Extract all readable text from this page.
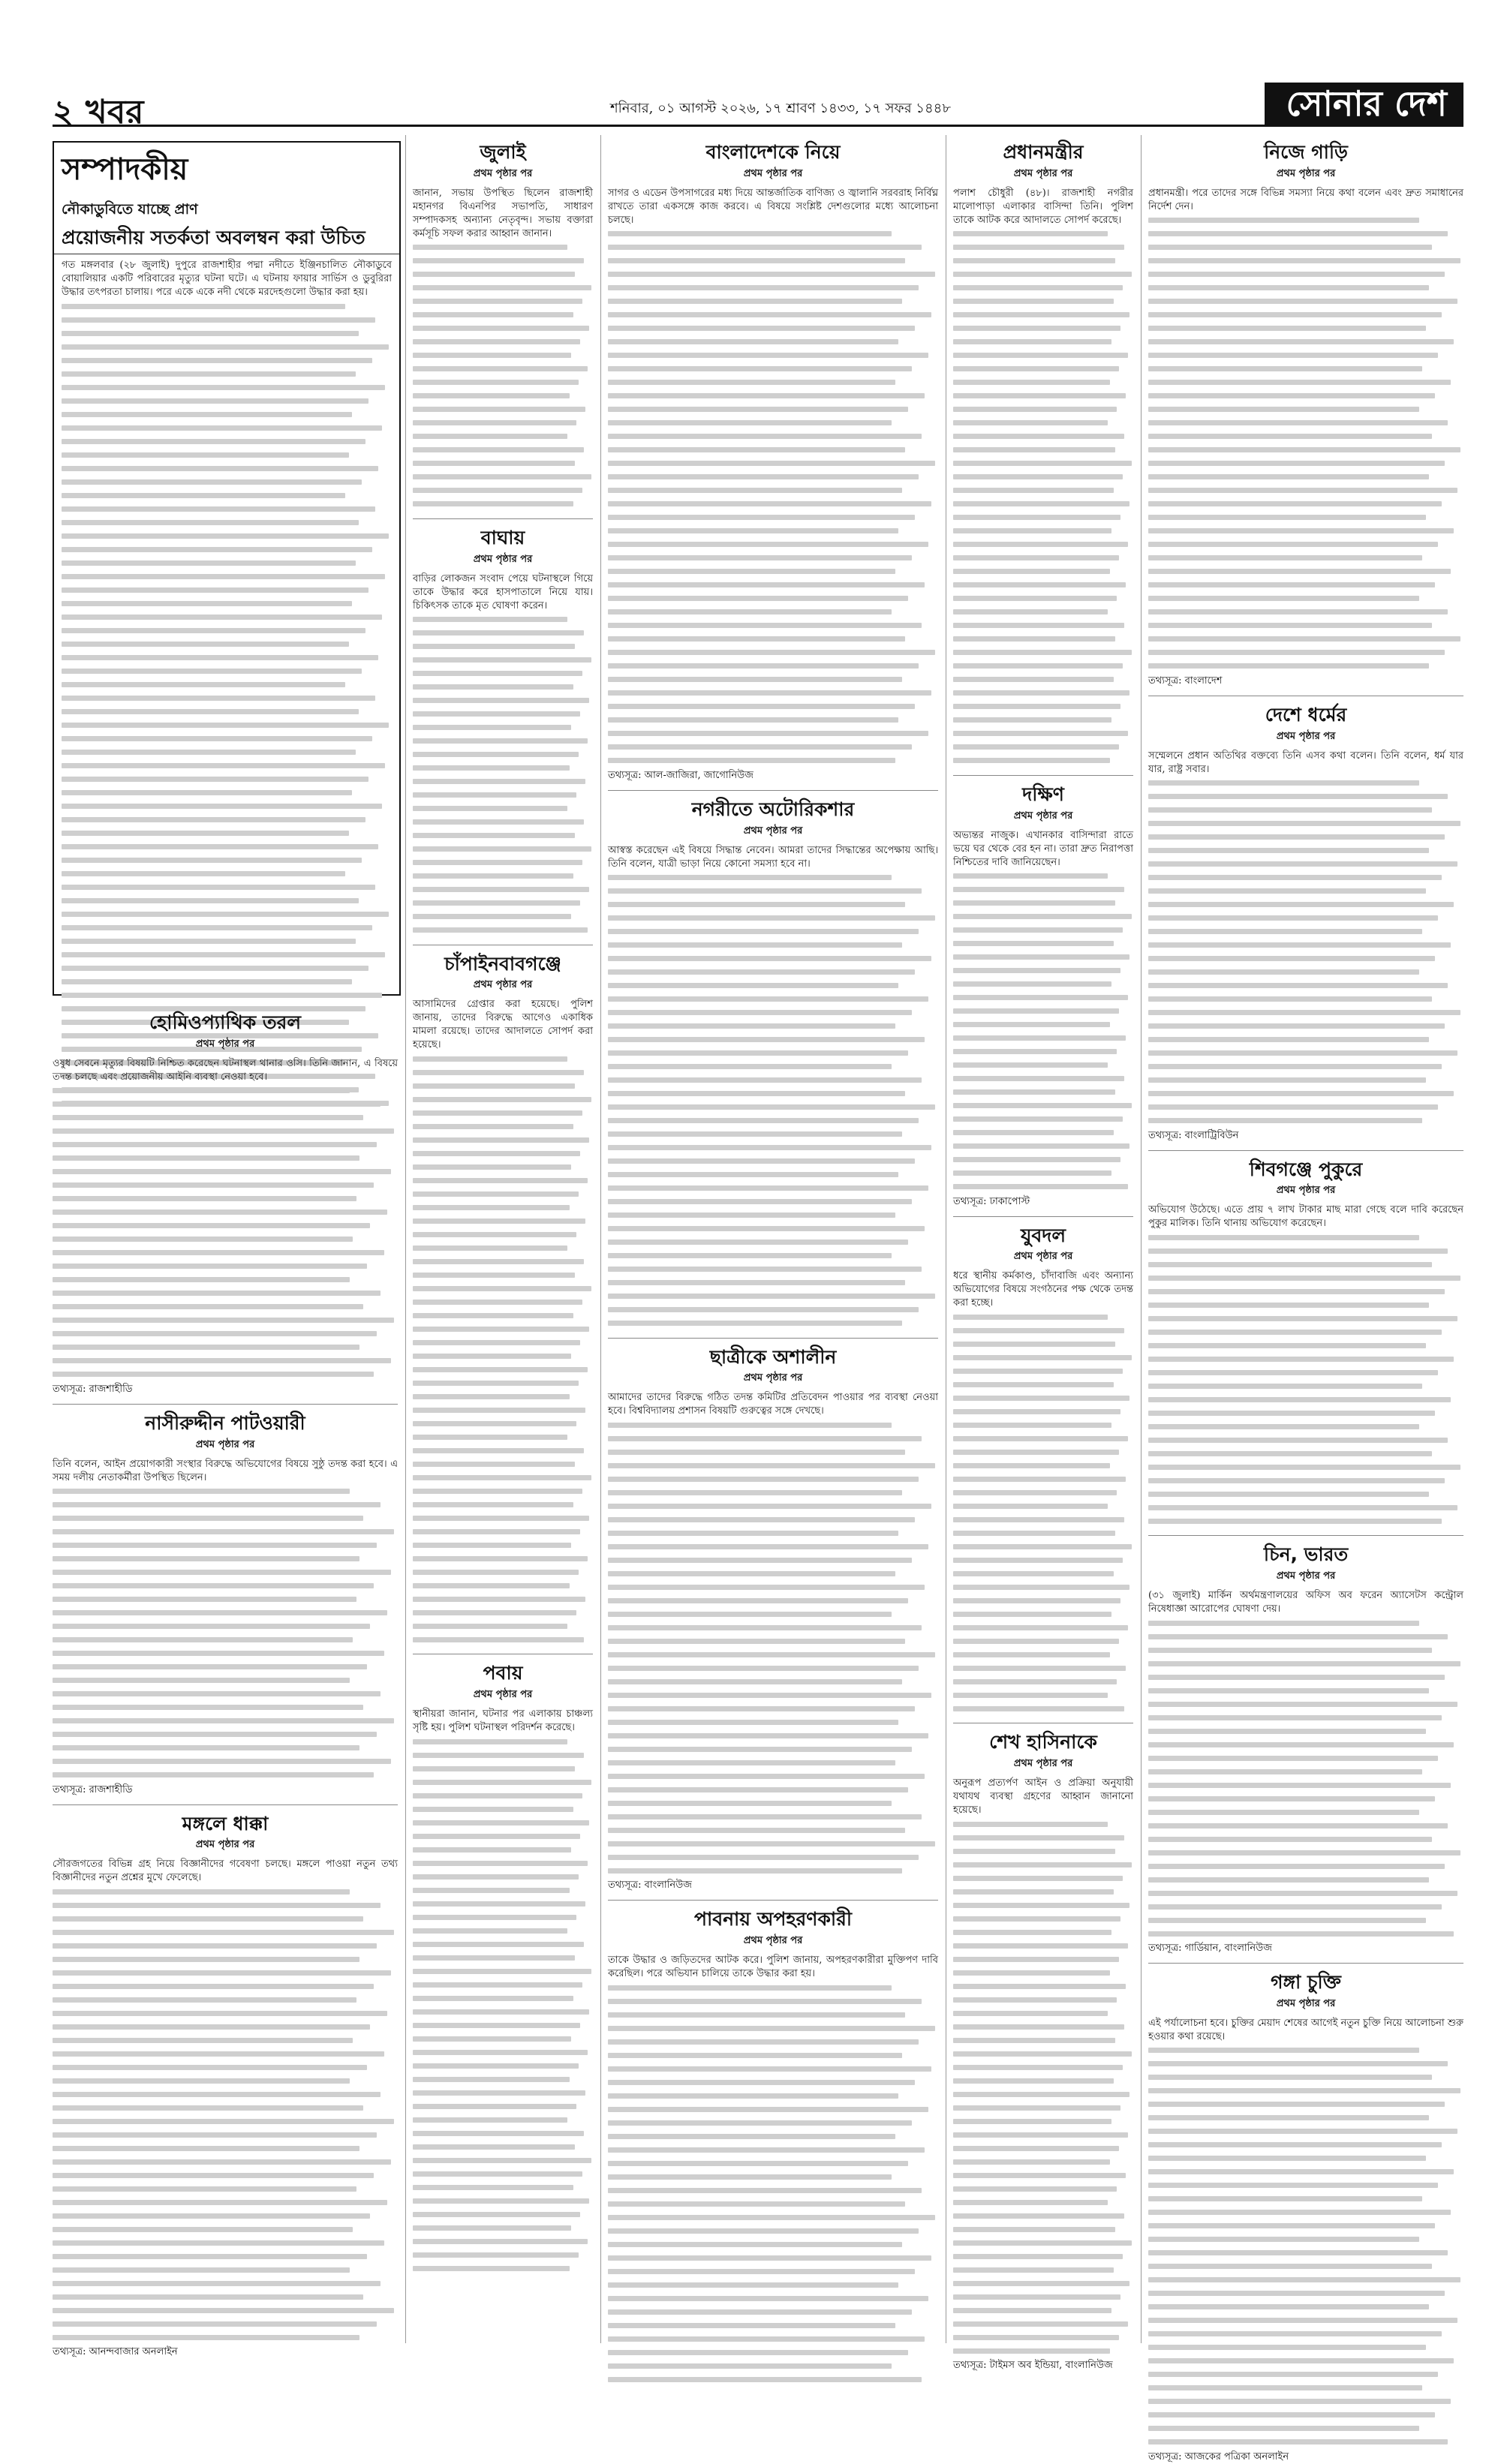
২ খবর	শনিবার, ০১ আগস্ট ২০২৬, ১৭ শ্রাবণ ১৪৩৩, ১৭ সফর ১৪৪৮	সোনার দেশ
সম্পাদকীয়
নৌকাডুবিতে যাচ্ছে প্রাণ
প্রয়োজনীয় সতর্কতা অবলম্বন করা উচিত

গত মঙ্গলবার (২৮ জুলাই) দুপুরে রাজশাহীর পদ্মা নদীতে ইঞ্জিনচালিত নৌকাডুবে বোয়ালিয়ার একটি পরিবারের মৃত্যুর ঘটনা ঘটে। এ ঘটনায় ফায়ার সার্ভিস ও ডুবুরিরা উদ্ধার তৎপরতা চালায়। পরে একে একে নদী থেকে মরদেহগুলো উদ্ধার করা হয়।

হোমিওপ্যাথিক তরল
প্রথম পৃষ্ঠার পর

ওষুধ সেবনে মৃত্যুর বিষয়টি নিশ্চিত করেছেন ঘটনাস্থল থানার ওসি। তিনি জানান, এ বিষয়ে তদন্ত চলছে এবং প্রয়োজনীয় আইনি ব্যবস্থা নেওয়া হবে।

তথ্যসূত্র: রাজশাহীডি
নাসীরুদ্দীন পাটওয়ারী
প্রথম পৃষ্ঠার পর

তিনি বলেন, আইন প্রয়োগকারী সংস্থার বিরুদ্ধে অভিযোগের বিষয়ে সুষ্ঠু তদন্ত করা হবে। এ সময় দলীয় নেতাকর্মীরা উপস্থিত ছিলেন।

তথ্যসূত্র: রাজশাহীডি
মঙ্গলে ধাক্কা
প্রথম পৃষ্ঠার পর

সৌরজগতের বিভিন্ন গ্রহ নিয়ে বিজ্ঞানীদের গবেষণা চলছে। মঙ্গলে পাওয়া নতুন তথ্য বিজ্ঞানীদের নতুন প্রশ্নের মুখে ফেলেছে।

তথ্যসূত্র: আনন্দবাজার অনলাইন
জুলাই
প্রথম পৃষ্ঠার পর

জানান, সভায় উপস্থিত ছিলেন রাজশাহী মহানগর বিএনপির সভাপতি, সাধারণ সম্পাদকসহ অন্যান্য নেতৃবৃন্দ। সভায় বক্তারা কর্মসূচি সফল করার আহ্বান জানান।

বাঘায়
প্রথম পৃষ্ঠার পর

বাড়ির লোকজন সংবাদ পেয়ে ঘটনাস্থলে গিয়ে তাকে উদ্ধার করে হাসপাতালে নিয়ে যায়। চিকিৎসক তাকে মৃত ঘোষণা করেন।

চাঁপাইনবাবগঞ্জে
প্রথম পৃষ্ঠার পর

আসামিদের গ্রেপ্তার করা হয়েছে। পুলিশ জানায়, তাদের বিরুদ্ধে আগেও একাধিক মামলা রয়েছে। তাদের আদালতে সোপর্দ করা হয়েছে।

পবায়
প্রথম পৃষ্ঠার পর

স্থানীয়রা জানান, ঘটনার পর এলাকায় চাঞ্চল্য সৃষ্টি হয়। পুলিশ ঘটনাস্থল পরিদর্শন করেছে।

বাংলাদেশকে নিয়ে
প্রথম পৃষ্ঠার পর

সাগর ও এডেন উপসাগরের মধ্য দিয়ে আন্তর্জাতিক বাণিজ্য ও জ্বালানি সরবরাহ নির্বিঘ্ন রাখতে তারা একসঙ্গে কাজ করবে। এ বিষয়ে সংশ্লিষ্ট দেশগুলোর মধ্যে আলোচনা চলছে।

তথ্যসূত্র: আল-জাজিরা, জাগোনিউজ
নগরীতে অটোরিকশার
প্রথম পৃষ্ঠার পর

আস্বস্ত করেছেন এই বিষয়ে সিদ্ধান্ত নেবেন। আমরা তাদের সিদ্ধান্তের অপেক্ষায় আছি। তিনি বলেন, যাত্রী ভাড়া নিয়ে কোনো সমস্যা হবে না।

ছাত্রীকে অশালীন
প্রথম পৃষ্ঠার পর

আমাদের তাদের বিরুদ্ধে গঠিত তদন্ত কমিটির প্রতিবেদন পাওয়ার পর ব্যবস্থা নেওয়া হবে। বিশ্ববিদ্যালয় প্রশাসন বিষয়টি গুরুত্বের সঙ্গে দেখছে।

তথ্যসূত্র: বাংলানিউজ
পাবনায় অপহরণকারী
প্রথম পৃষ্ঠার পর

তাকে উদ্ধার ও জড়িতদের আটক করে। পুলিশ জানায়, অপহরণকারীরা মুক্তিপণ দাবি করেছিল। পরে অভিযান চালিয়ে তাকে উদ্ধার করা হয়।

প্রধানমন্ত্রীর
প্রথম পৃষ্ঠার পর

পলাশ চৌধুরী (৪৮)। রাজশাহী নগরীর মালোপাড়া এলাকার বাসিন্দা তিনি। পুলিশ তাকে আটক করে আদালতে সোপর্দ করেছে।

দক্ষিণ
প্রথম পৃষ্ঠার পর

অভ্যন্তর নাজুক। এখানকার বাসিন্দারা রাতে ভয়ে ঘর থেকে বের হন না। তারা দ্রুত নিরাপত্তা নিশ্চিতের দাবি জানিয়েছেন।

তথ্যসূত্র: ঢাকাপোস্ট
যুবদল
প্রথম পৃষ্ঠার পর

ধরে স্থানীয় কর্মকাণ্ড, চাঁদাবাজি এবং অন্যান্য অভিযোগের বিষয়ে সংগঠনের পক্ষ থেকে তদন্ত করা হচ্ছে।

শেখ হাসিনাকে
প্রথম পৃষ্ঠার পর

অনুরূপ প্রত্যর্পণ আইন ও প্রক্রিয়া অনুযায়ী যথাযথ ব্যবস্থা গ্রহণের আহ্বান জানানো হয়েছে।

তথ্যসূত্র: টাইমস অব ইন্ডিয়া, বাংলানিউজ
নিজে গাড়ি
প্রথম পৃষ্ঠার পর

প্রধানমন্ত্রী। পরে তাদের সঙ্গে বিভিন্ন সমস্যা নিয়ে কথা বলেন এবং দ্রুত সমাধানের নির্দেশ দেন।

তথ্যসূত্র: বাংলাদেশ
দেশে ধর্মের
প্রথম পৃষ্ঠার পর

সম্মেলনে প্রধান অতিথির বক্তব্যে তিনি এসব কথা বলেন। তিনি বলেন, ধর্ম যার যার, রাষ্ট্র সবার।

তথ্যসূত্র: বাংলাট্রিবিউন
শিবগঞ্জে পুকুরে
প্রথম পৃষ্ঠার পর

অভিযোগ উঠেছে। এতে প্রায় ৭ লাখ টাকার মাছ মারা গেছে বলে দাবি করেছেন পুকুর মালিক। তিনি থানায় অভিযোগ করেছেন।

চিন, ভারত
প্রথম পৃষ্ঠার পর

(৩১ জুলাই) মার্কিন অর্থমন্ত্রণালয়ের অফিস অব ফরেন অ্যাসেটস কন্ট্রোল নিষেধাজ্ঞা আরোপের ঘোষণা দেয়।

তথ্যসূত্র: গার্ডিয়ান, বাংলানিউজ
গঙ্গা চুক্তি
প্রথম পৃষ্ঠার পর

এই পর্যালোচনা হবে। চুক্তির মেয়াদ শেষের আগেই নতুন চুক্তি নিয়ে আলোচনা শুরু হওয়ার কথা রয়েছে।

তথ্যসূত্র: আজকের পত্রিকা অনলাইন
